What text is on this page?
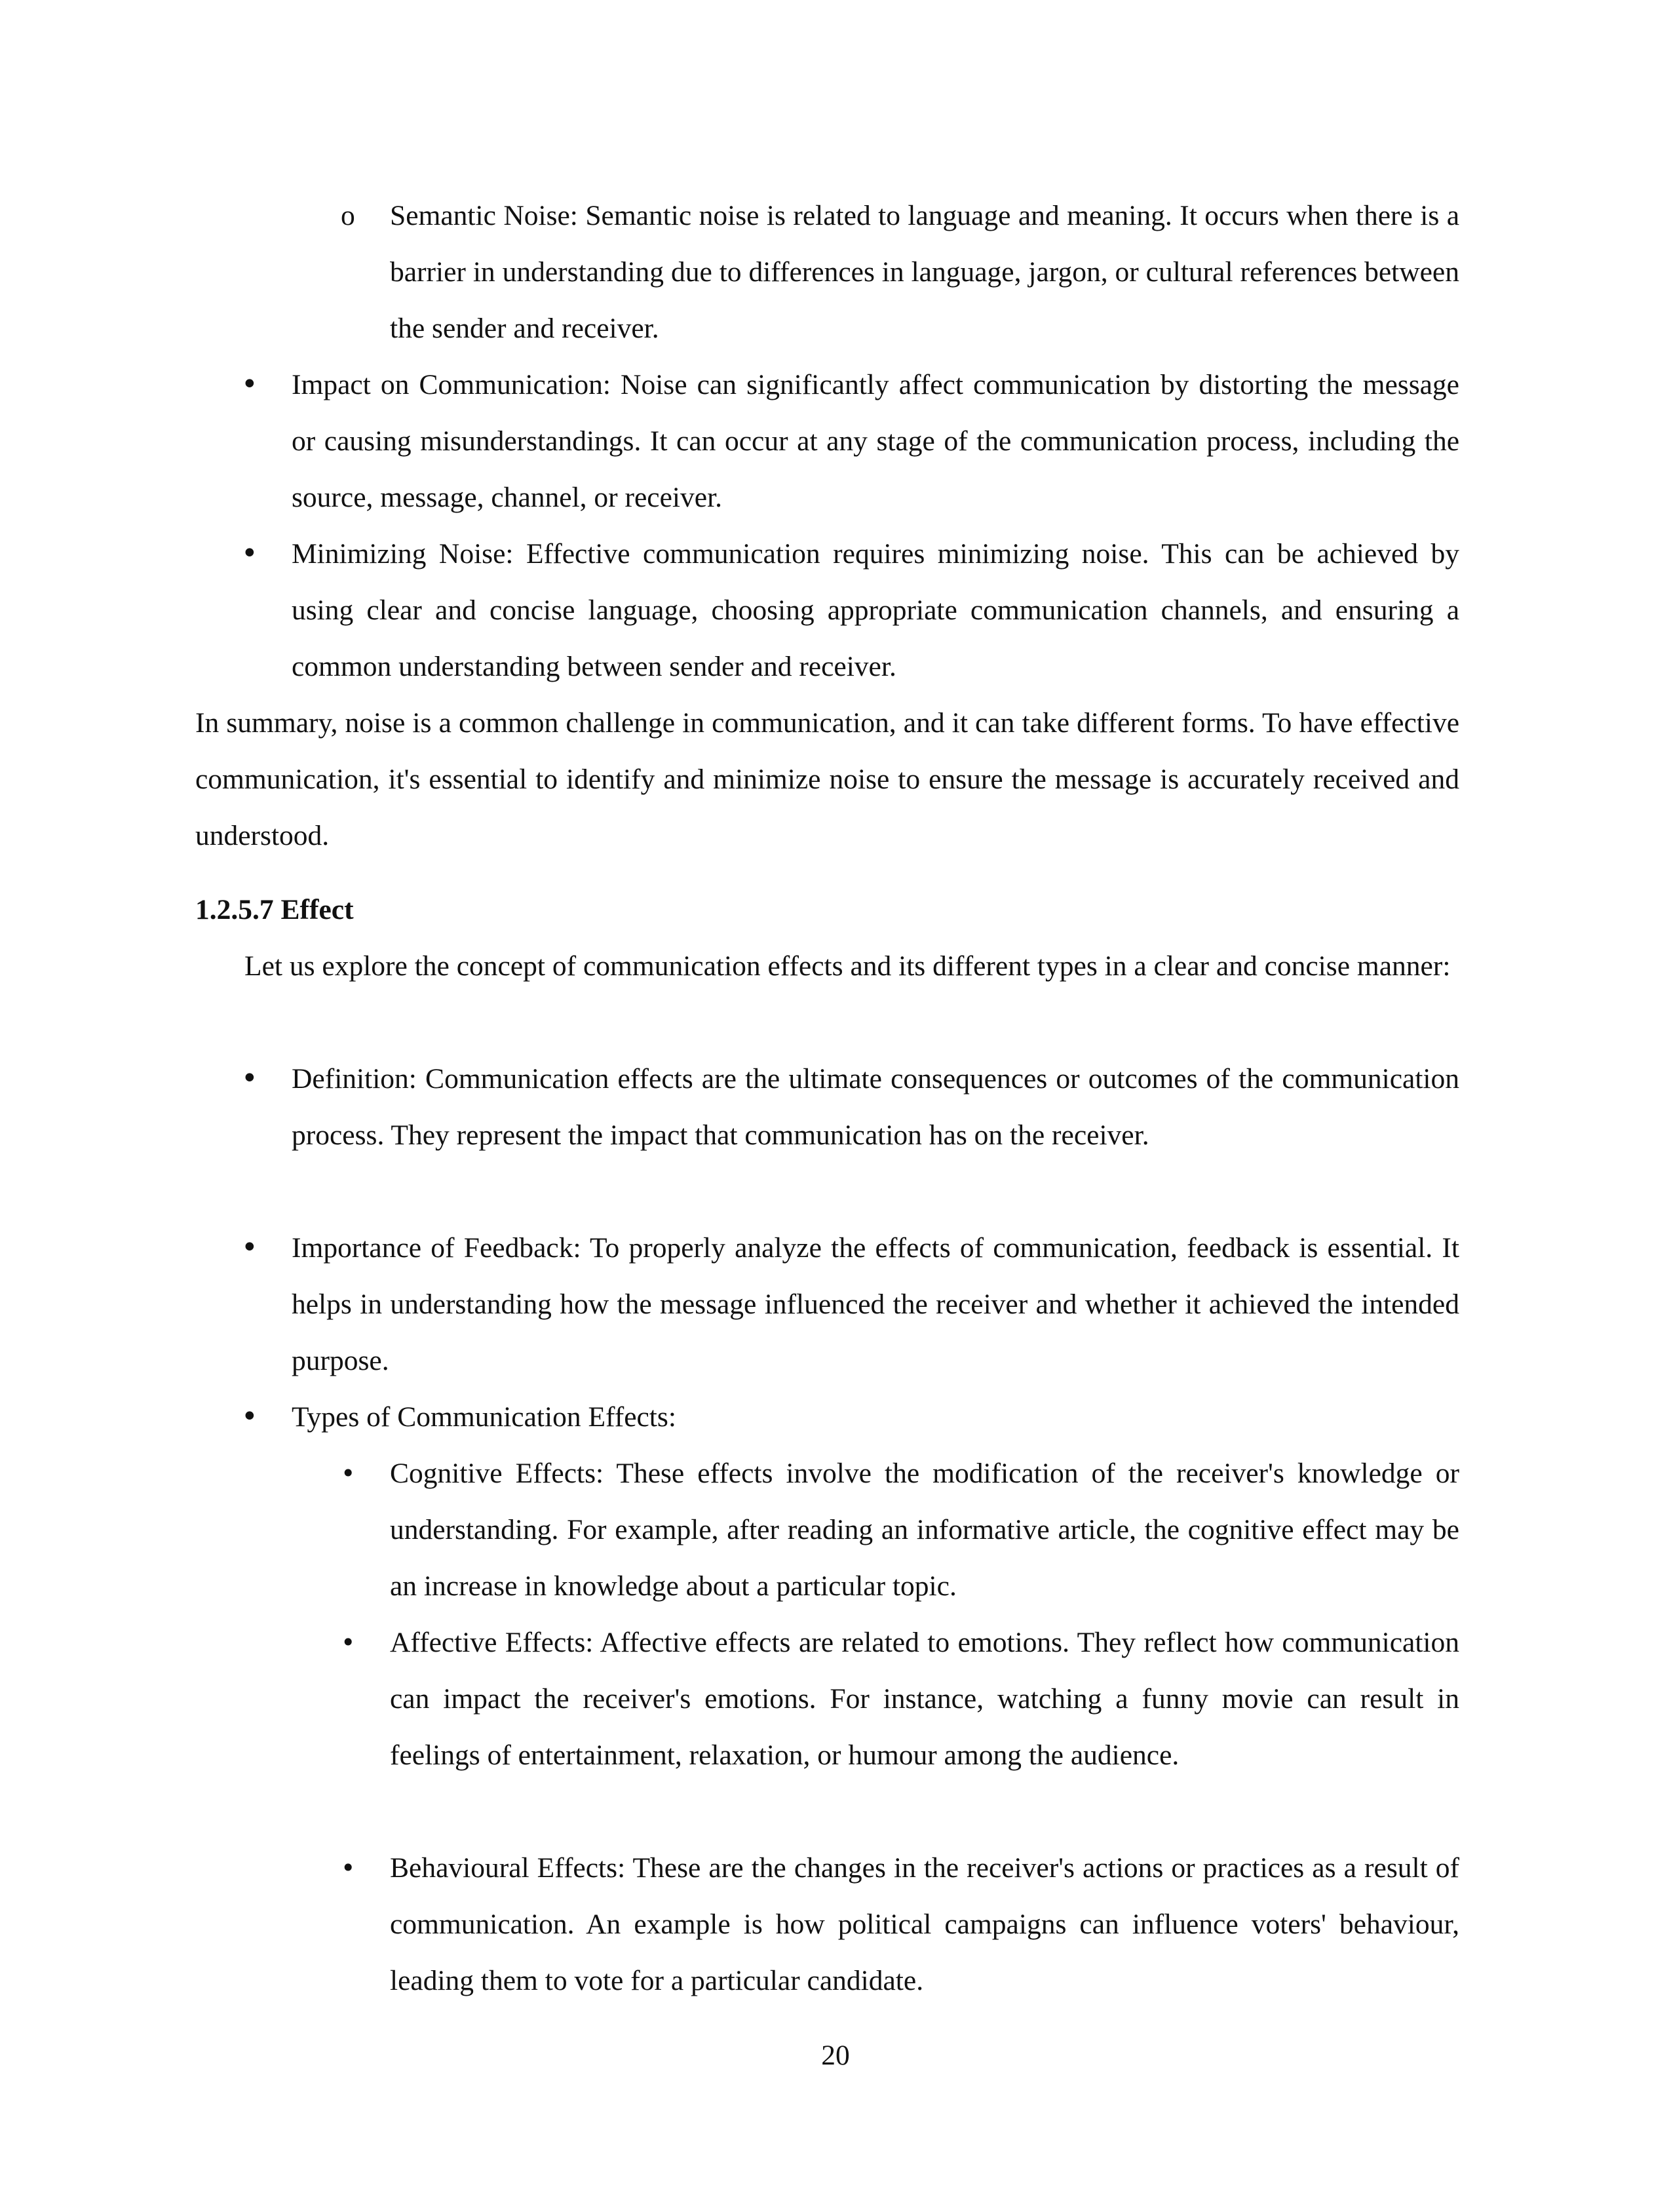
o Semantic Noise: Semantic noise is related to language and meaning. It occurs when there is a barrier in understanding due to differences in language, jargon, or cultural references between the sender and receiver.

• Impact on Communication: Noise can significantly affect communication by distorting the message or causing misunderstandings. It can occur at any stage of the communication process, including the source, message, channel, or receiver.

• Minimizing Noise: Effective communication requires minimizing noise. This can be achieved by using clear and concise language, choosing appropriate communication channels, and ensuring a common understanding between sender and receiver.

In summary, noise is a common challenge in communication, and it can take different forms. To have effective communication, it's essential to identify and minimize noise to ensure the message is accurately received and understood.

1.2.5.7 Effect

Let us explore the concept of communication effects and its different types in a clear and concise manner:

• Definition: Communication effects are the ultimate consequences or outcomes of the communication process. They represent the impact that communication has on the receiver.

• Importance of Feedback: To properly analyze the effects of communication, feedback is essential. It helps in understanding how the message influenced the receiver and whether it achieved the intended purpose.

• Types of Communication Effects:

• Cognitive Effects: These effects involve the modification of the receiver's knowledge or understanding. For example, after reading an informative article, the cognitive effect may be an increase in knowledge about a particular topic.

• Affective Effects: Affective effects are related to emotions. They reflect how communication can impact the receiver's emotions. For instance, watching a funny movie can result in feelings of entertainment, relaxation, or humour among the audience.

• Behavioural Effects: These are the changes in the receiver's actions or practices as a result of communication. An example is how political campaigns can influence voters' behaviour, leading them to vote for a particular candidate.

20
